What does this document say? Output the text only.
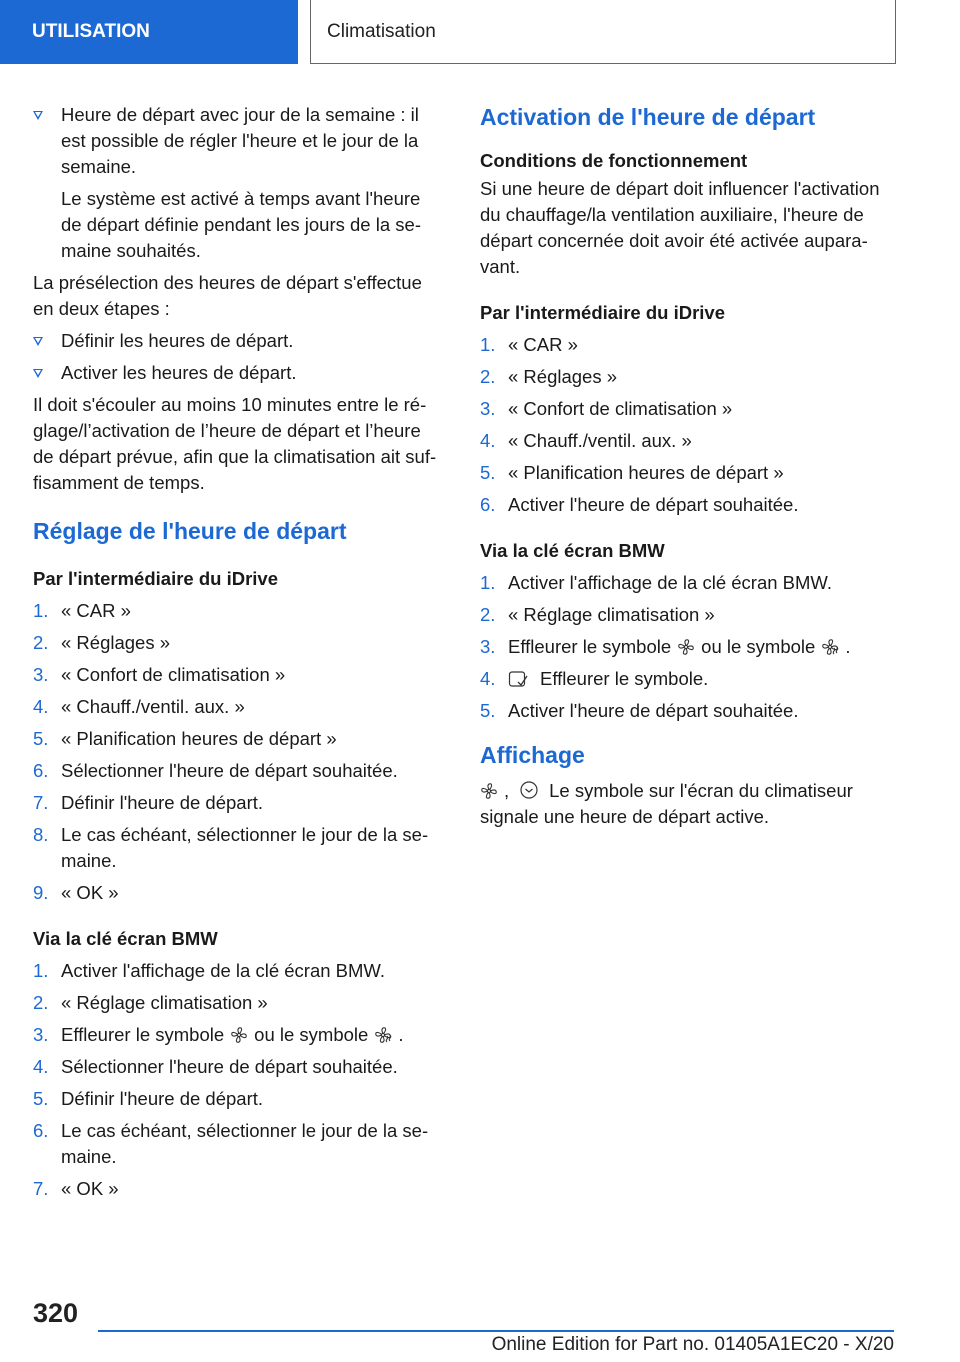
UTILISATION	Climatisation
Heure de départ avec jour de la semaine : il est possible de régler l'heure et le jour de la semaine.
Le système est activé à temps avant l'heure de départ définie pendant les jours de la semaine souhaités.

La présélection des heures de départ s'effectue en deux étapes :

Définir les heures de départ.
Activer les heures de départ.

Il doit s'écouler au moins 10 minutes entre le réglage/l’activation de l’heure de départ et l’heure de départ prévue, afin que la climatisation ait suffisamment de temps.

Réglage de l'heure de départ
Par l'intermédiaire du iDrive
1. « CAR »
2. « Réglages »
3. « Confort de climatisation »
4. « Chauff./ventil. aux. »
5. « Planification heures de départ »
6. Sélectionner l'heure de départ souhaitée.
7. Définir l'heure de départ.
8. Le cas échéant, sélectionner le jour de la semaine.
9. « OK »
Via la clé écran BMW
1. Activer l'affichage de la clé écran BMW.
2. « Réglage climatisation »
3. Effleurer le symbole ou le symbole .
4. Sélectionner l'heure de départ souhaitée.
5. Définir l'heure de départ.
6. Le cas échéant, sélectionner le jour de la semaine.
7. « OK »
Activation de l'heure de départ
Conditions de fonctionnement

Si une heure de départ doit influencer l'activation du chauffage/la ventilation auxiliaire, l'heure de départ concernée doit avoir été activée auparavant.

Par l'intermédiaire du iDrive
1. « CAR »
2. « Réglages »
3. « Confort de climatisation »
4. « Chauff./ventil. aux. »
5. « Planification heures de départ »
6. Activer l'heure de départ souhaitée.
Via la clé écran BMW
1. Activer l'affichage de la clé écran BMW.
2. « Réglage climatisation »
3. Effleurer le symbole ou le symbole .
4. Effleurer le symbole.
5. Activer l'heure de départ souhaitée.
Affichage

, Le symbole sur l'écran du climatiseur signale une heure de départ active.

320
Online Edition for Part no. 01405A1EC20 - X/20
